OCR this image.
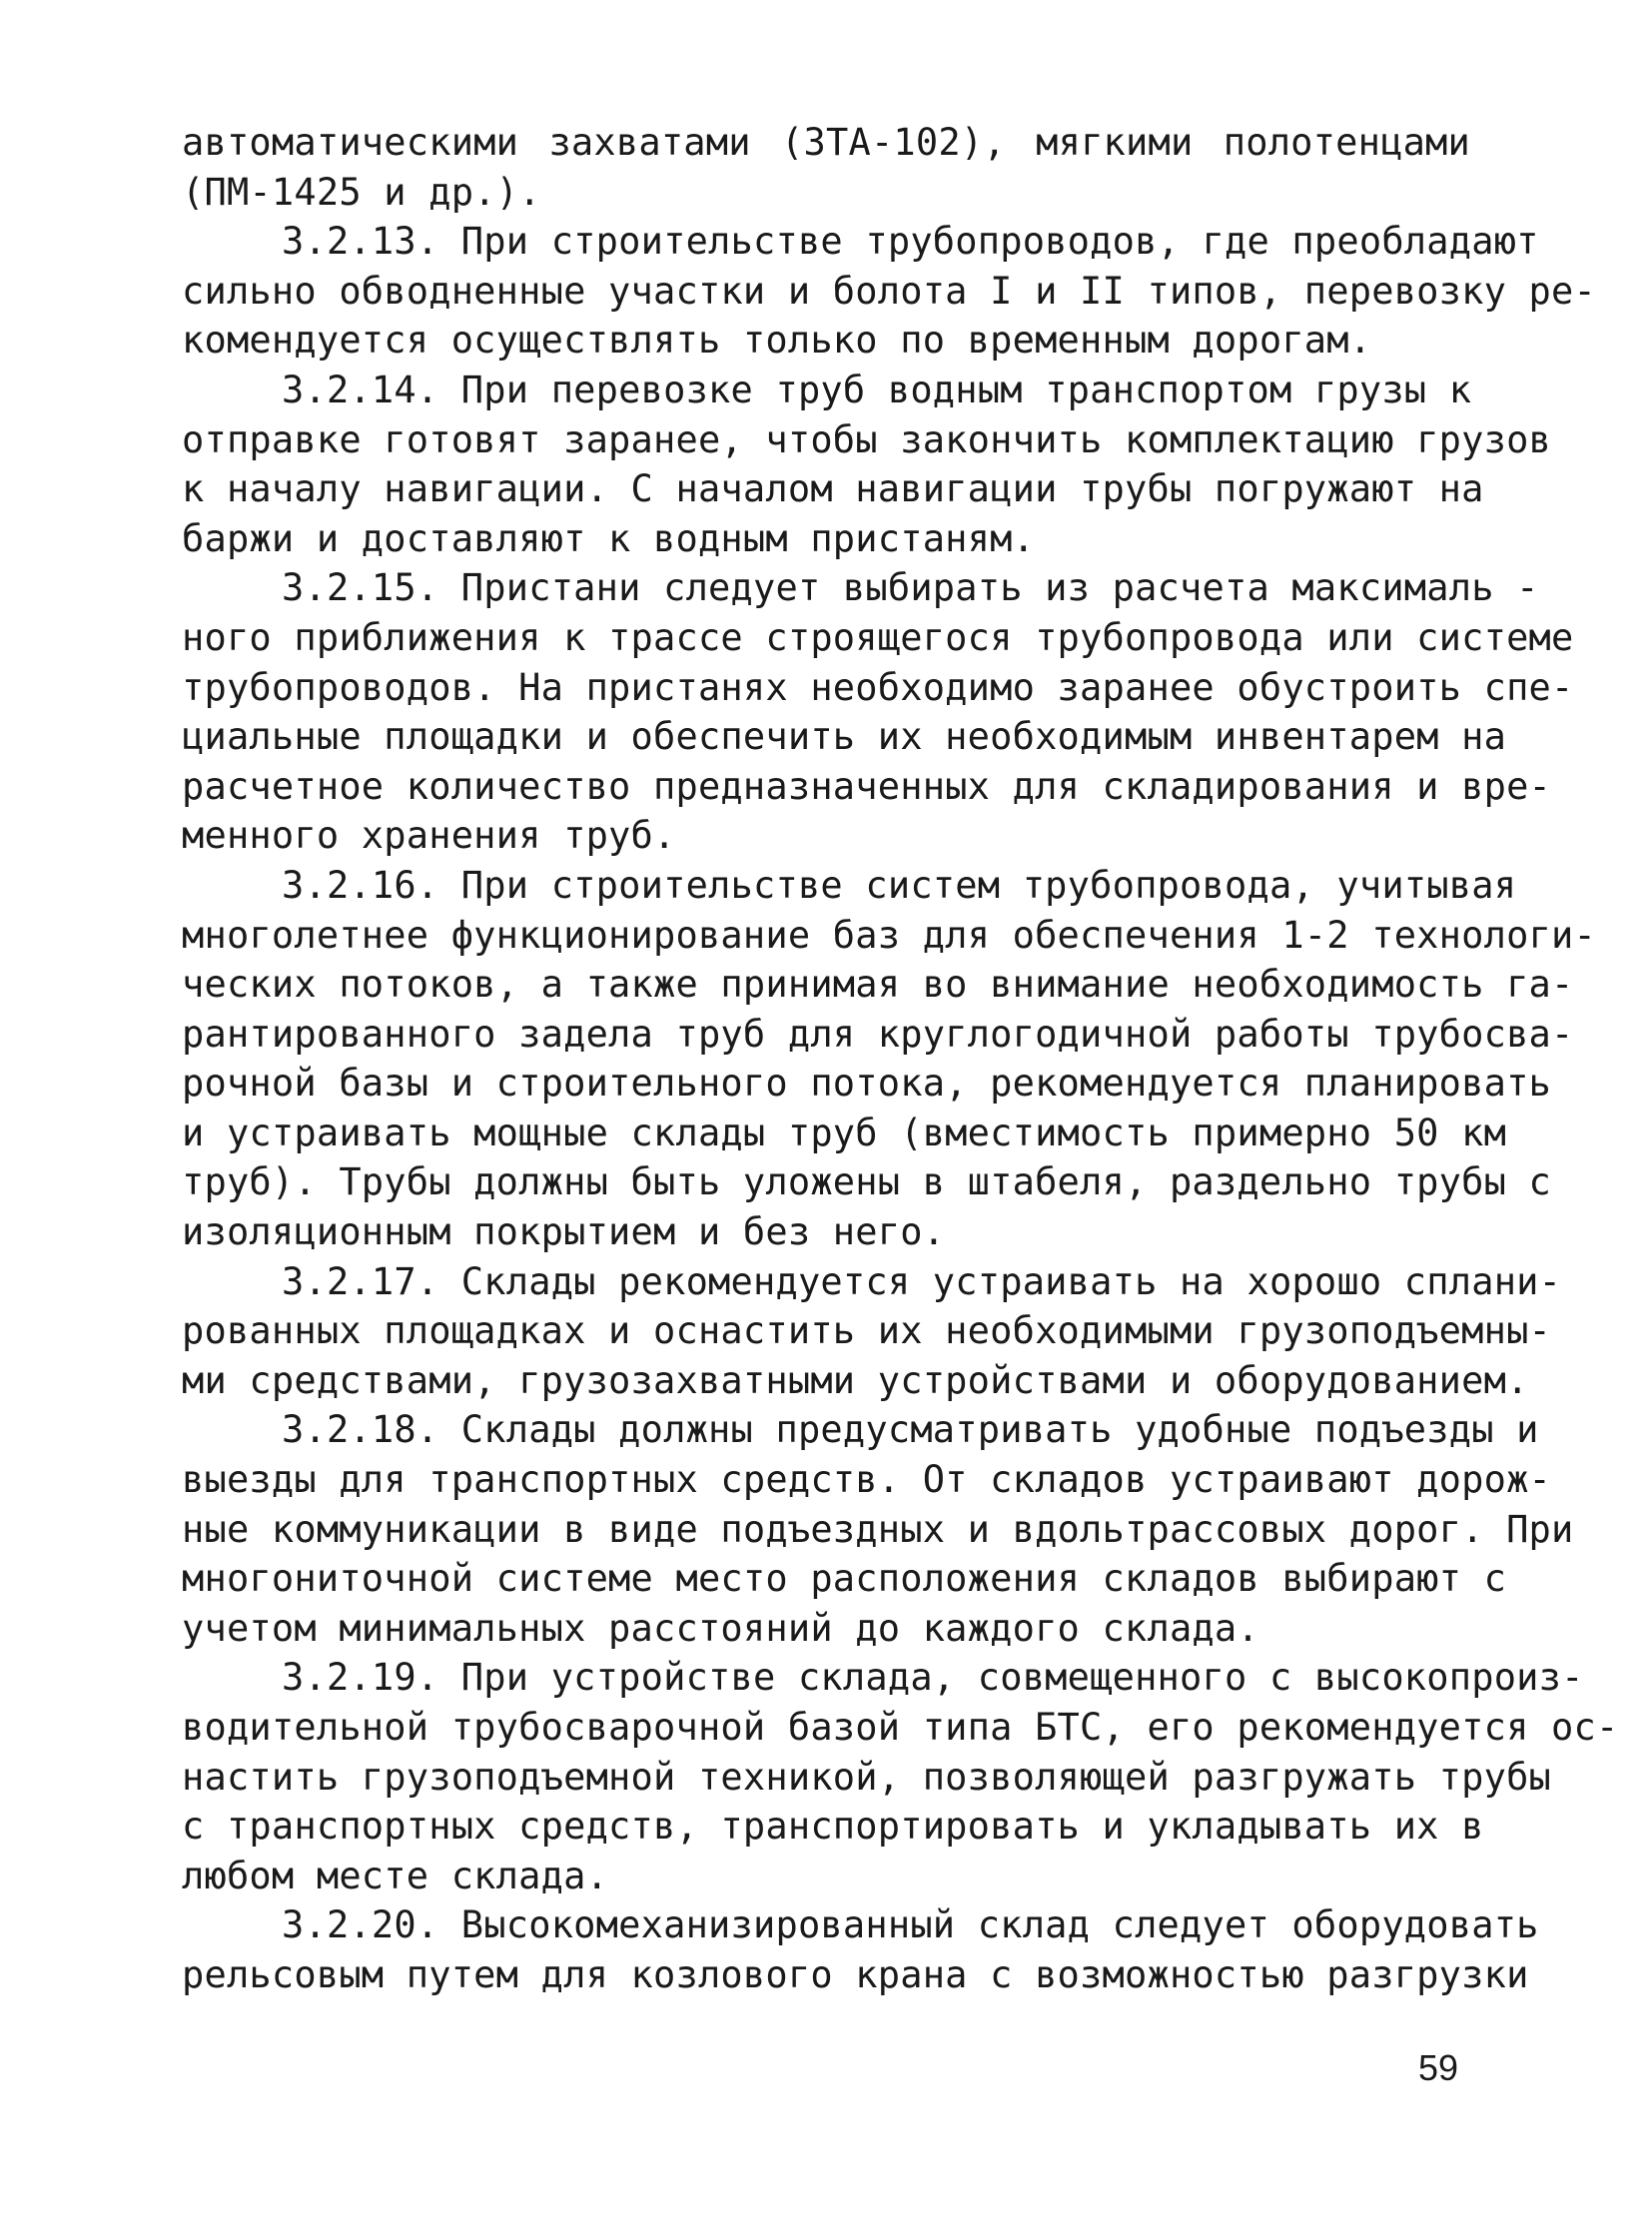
автоматическими захватами (ЗТА-102), мягкими полотенцами
(ПМ-1425 и др.).
3.2.13. При строительстве трубопроводов, где преобладают
сильно обводненные участки и болота I и II типов, перевозку ре-
комендуется осуществлять только по временным дорогам.
3.2.14. При перевозке труб водным транспортом грузы к
отправке готовят заранее, чтобы закончить комплектацию грузов
к началу навигации. С началом навигации трубы погружают на
баржи и доставляют к водным пристаням.
3.2.15. Пристани следует выбирать из расчета максималь -
ного приближения к трассе строящегося трубопровода или системе
трубопроводов. На пристанях необходимо заранее обустроить спе-
циальные площадки и обеспечить их необходимым инвентарем на
расчетное количество предназначенных для складирования и вре-
менного хранения труб.
3.2.16. При строительстве систем трубопровода, учитывая
многолетнее функционирование баз для обеспечения 1-2 технологи-
ческих потоков, а также принимая во внимание необходимость га-
рантированного задела труб для круглогодичной работы трубосва-
рочной базы и строительного потока, рекомендуется планировать
и устраивать мощные склады труб (вместимость примерно 50 км
труб). Трубы должны быть уложены в штабеля, раздельно трубы с
изоляционным покрытием и без него.
3.2.17. Склады рекомендуется устраивать на хорошо сплани-
рованных площадках и оснастить их необходимыми грузоподъемны-
ми средствами, грузозахватными устройствами и оборудованием.
3.2.18. Склады должны предусматривать удобные подъезды и
выезды для транспортных средств. От складов устраивают дорож-
ные коммуникации в виде подъездных и вдольтрассовых дорог. При
многониточной системе место расположения складов выбирают с
учетом минимальных расстояний до каждого склада.
3.2.19. При устройстве склада, совмещенного с высокопроиз-
водительной трубосварочной базой типа БТС, его рекомендуется ос-
настить грузоподъемной техникой, позволяющей разгружать трубы
с транспортных средств, транспортировать и укладывать их в
любом месте склада.
3.2.20. Высокомеханизированный склад следует оборудовать
рельсовым путем для козлового крана с возможностью разгрузки
59
